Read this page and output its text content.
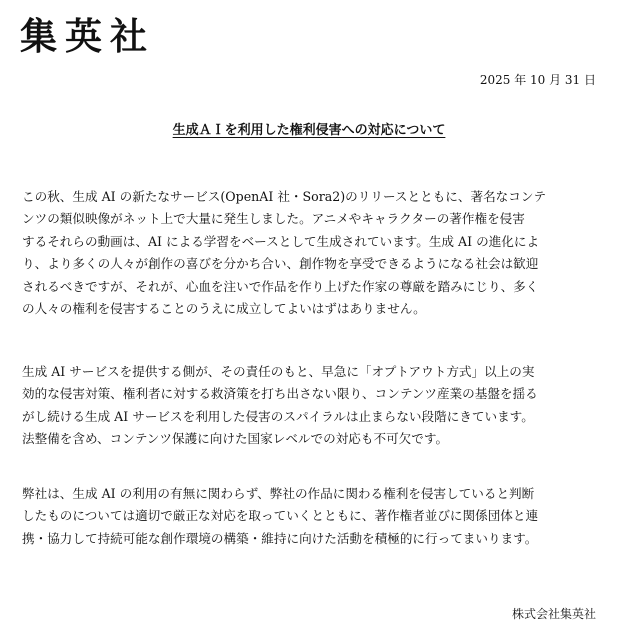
集英社
2025 年 10 月 31 日
生成ＡＩを利用した権利侵害への対応について

この秋、生成 AI の新たなサービス(OpenAI 社・Sora2)のリリースとともに、著名なコンテ
ンツの類似映像がネット上で大量に発生しました。アニメやキャラクターの著作権を侵害
するそれらの動画は、AI による学習をベースとして生成されています。生成 AI の進化によ
り、より多くの人々が創作の喜びを分かち合い、創作物を享受できるようになる社会は歓迎
されるべきですが、それが、心血を注いで作品を作り上げた作家の尊厳を踏みにじり、多く
の人々の権利を侵害することのうえに成立してよいはずはありません。

生成 AI サービスを提供する側が、その責任のもと、早急に「オプトアウト方式」以上の実
効的な侵害対策、権利者に対する救済策を打ち出さない限り、コンテンツ産業の基盤を揺る
がし続ける生成 AI サービスを利用した侵害のスパイラルは止まらない段階にきています。
法整備を含め、コンテンツ保護に向けた国家レベルでの対応も不可欠です。

弊社は、生成 AI の利用の有無に関わらず、弊社の作品に関わる権利を侵害していると判断
したものについては適切で厳正な対応を取っていくとともに、著作権者並びに関係団体と連
携・協力して持続可能な創作環境の構築・維持に向けた活動を積極的に行ってまいります。

株式会社集英社
